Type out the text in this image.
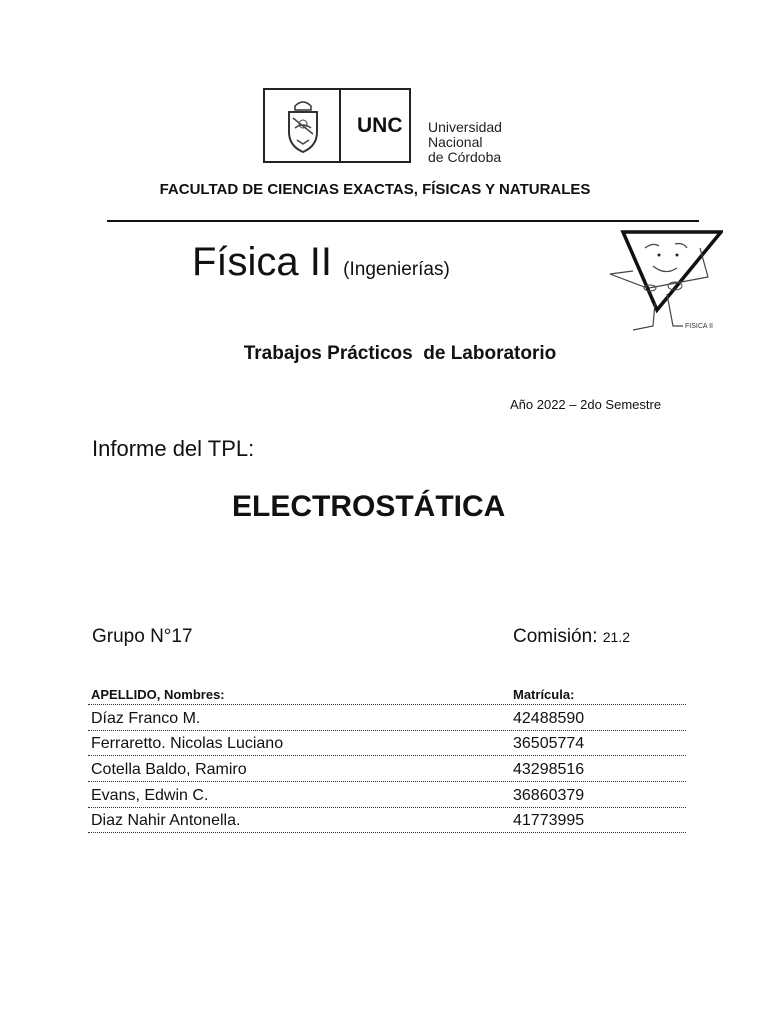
UNC Universidad
Nacional
de Córdoba
FACULTAD DE CIENCIAS EXACTAS, FÍSICAS Y NATURALES
Física II (Ingenierías)
FISICA II
Trabajos Prácticos  de Laboratorio
Año 2022 – 2do Semestre
Informe del TPL:
ELECTROSTÁTICA
Grupo N°17	Comisión: 21.2
APELLIDO, Nombres:	Matrícula:
Díaz Franco M.	42488590
Ferraretto. Nicolas Luciano	36505774
Cotella Baldo, Ramiro	43298516
Evans, Edwin C.	36860379
Diaz Nahir Antonella.	41773995
